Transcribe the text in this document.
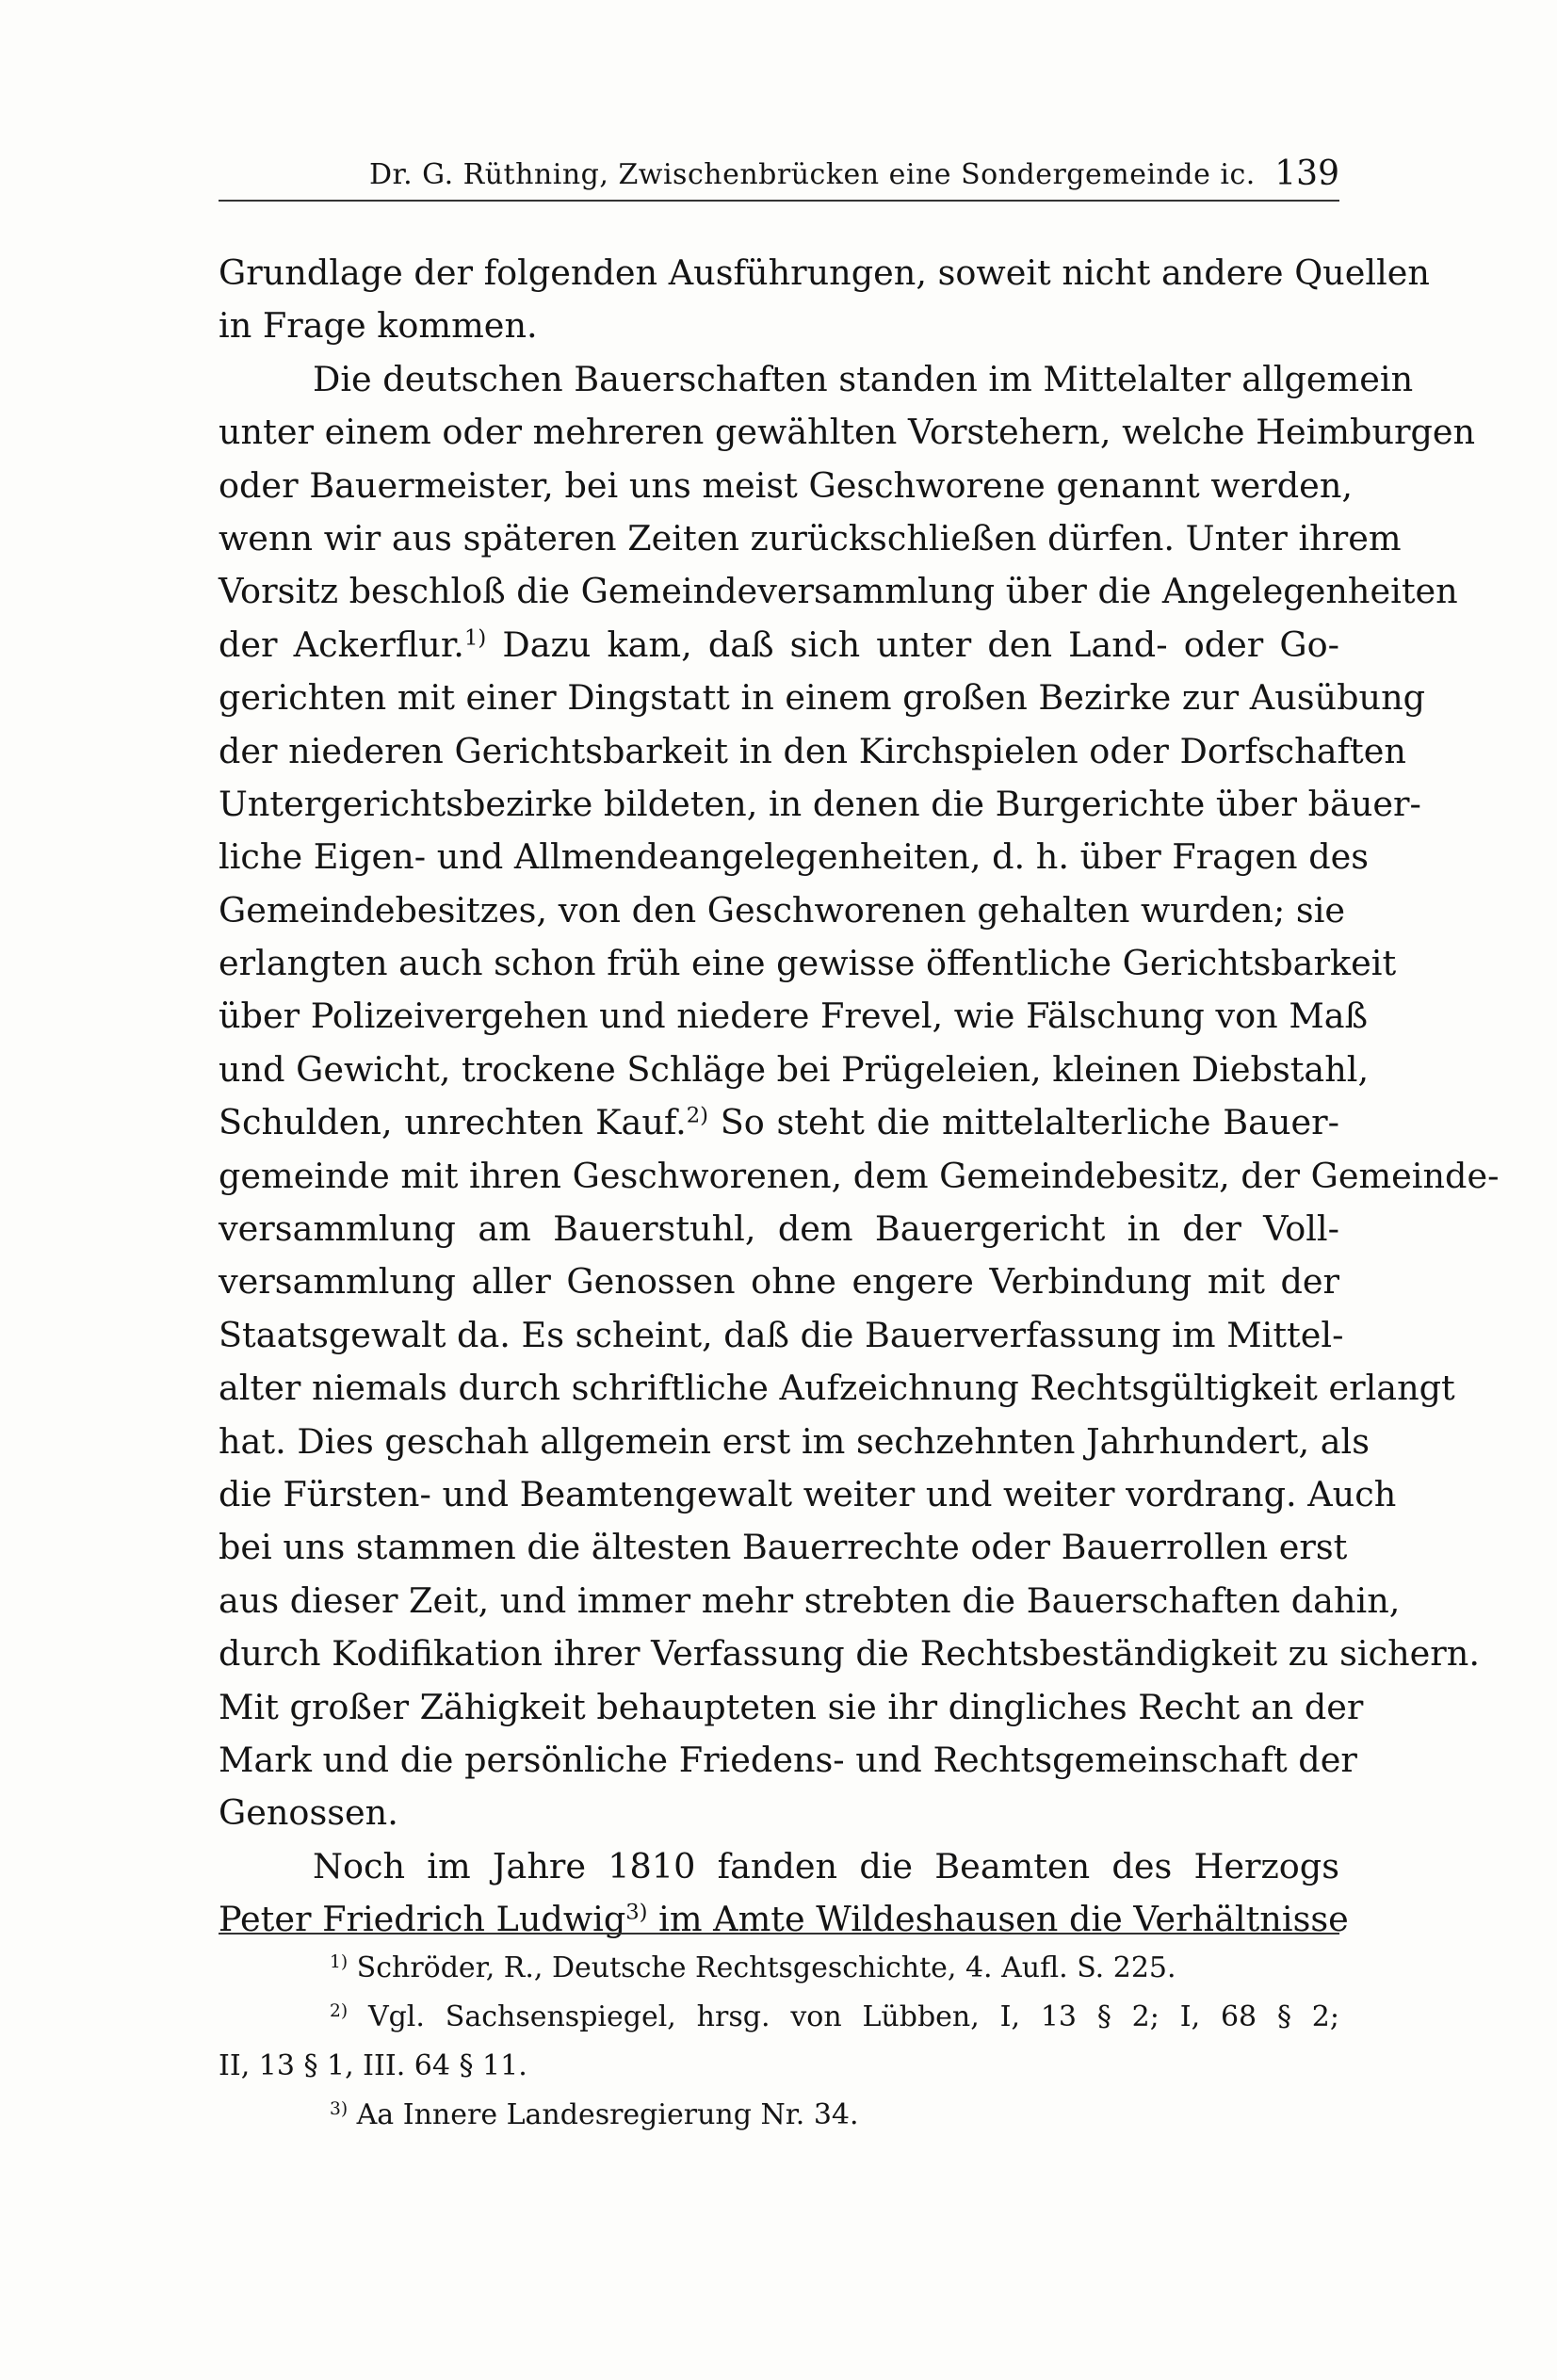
Dr. G. Rüthning, Zwischenbrücken eine Sondergemeinde ic. 139
Grundlage der folgenden Ausführungen, soweit nicht andere Quellen
in Frage kommen.
Die deutschen Bauerschaften standen im Mittelalter allgemein
unter einem oder mehreren gewählten Vorstehern, welche Heimburgen
oder Bauermeister, bei uns meist Geschworene genannt werden,
wenn wir aus späteren Zeiten zurückschließen dürfen. Unter ihrem
Vorsitz beschloß die Gemeindeversammlung über die Angelegenheiten
der Ackerflur.$^{1)}$ Dazu kam, daß sich unter den Land- oder Go-
gerichten mit einer Dingstatt in einem großen Bezirke zur Ausübung
der niederen Gerichtsbarkeit in den Kirchspielen oder Dorfschaften
Untergerichtsbezirke bildeten, in denen die Burgerichte über bäuer-
liche Eigen- und Allmendeangelegenheiten, d. h. über Fragen des
Gemeindebesitzes, von den Geschworenen gehalten wurden; sie
erlangten auch schon früh eine gewisse öffentliche Gerichtsbarkeit
über Polizeivergehen und niedere Frevel, wie Fälschung von Maß
und Gewicht, trockene Schläge bei Prügeleien, kleinen Diebstahl,
Schulden, unrechten Kauf.$^{2)}$ So steht die mittelalterliche Bauer-
gemeinde mit ihren Geschworenen, dem Gemeindebesitz, der Gemeinde-
versammlung am Bauerstuhl, dem Bauergericht in der Voll-
versammlung aller Genossen ohne engere Verbindung mit der
Staatsgewalt da. Es scheint, daß die Bauerverfassung im Mittel-
alter niemals durch schriftliche Aufzeichnung Rechtsgültigkeit erlangt
hat. Dies geschah allgemein erst im sechzehnten Jahrhundert, als
die Fürsten- und Beamtengewalt weiter und weiter vordrang. Auch
bei uns stammen die ältesten Bauerrechte oder Bauerrollen erst
aus dieser Zeit, und immer mehr strebten die Bauerschaften dahin,
durch Kodifikation ihrer Verfassung die Rechtsbeständigkeit zu sichern.
Mit großer Zähigkeit behaupteten sie ihr dingliches Recht an der
Mark und die persönliche Friedens- und Rechtsgemeinschaft der
Genossen.
Noch im Jahre 1810 fanden die Beamten des Herzogs
Peter Friedrich Ludwig$^{3)}$ im Amte Wildeshausen die Verhältnisse
$^{1)}$ Schröder, R., Deutsche Rechtsgeschichte, 4. Aufl. S. 225.
$^{2)}$ Vgl. Sachsenspiegel, hrsg. von Lübben, I, 13 § 2; I, 68 § 2;
II, 13 § 1, III. 64 § 11.
$^{3)}$ Aa Innere Landesregierung Nr. 34.
